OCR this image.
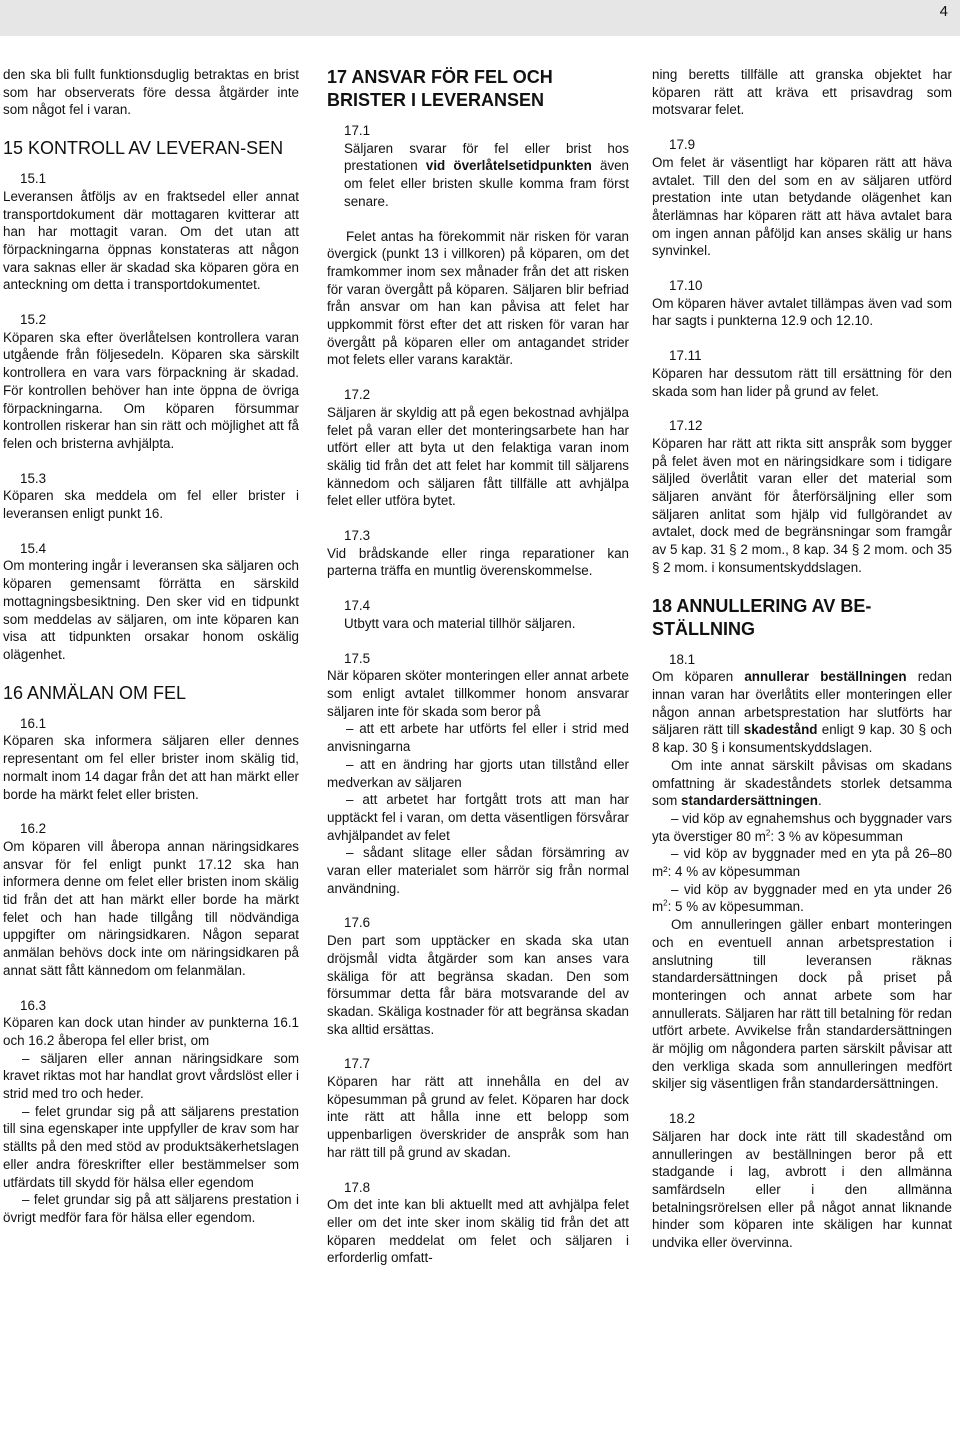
4

den ska bli fullt funktionsduglig betraktas en brist som har observerats före dessa åtgärder inte som något fel i varan.

15 KONTROLL AV LEVERAN-SEN

15.1

Leveransen åtföljs av en fraktsedel eller annat transportdokument där mottagaren kvitterar att han har mottagit varan. Om det utan att förpackningarna öppnas konstateras att någon vara saknas eller är skadad ska köparen göra en anteckning om detta i transportdokumentet.

15.2

Köparen ska efter överlåtelsen kontrollera varan utgående från följesedeln. Köparen ska särskilt kontrollera en vara vars förpackning är skadad. För kontrollen behöver han inte öppna de övriga förpackningarna. Om köparen försummar kontrollen riskerar han sin rätt och möjlighet att få felen och bristerna avhjälpta.

15.3

Köparen ska meddela om fel eller brister i leveransen enligt punkt 16.

15.4

Om montering ingår i leveransen ska säljaren och köparen gemensamt förrätta en särskild mottagningsbesiktning. Den sker vid en tidpunkt som meddelas av säljaren, om inte köparen kan visa att tidpunkten orsakar honom oskälig olägenhet.

16 ANMÄLAN OM FEL

16.1

Köparen ska informera säljaren eller dennes representant om fel eller brister inom skälig tid, normalt inom 14 dagar från det att han märkt eller borde ha märkt felet eller bristen.

16.2

Om köparen vill åberopa annan näringsidkares ansvar för fel enligt punkt 17.12 ska han informera denne om felet eller bristen inom skälig tid från det att han märkt eller borde ha märkt felet och han hade tillgång till nödvändiga uppgifter om näringsidkaren. Någon separat anmälan behövs dock inte om näringsidkaren på annat sätt fått kännedom om felanmälan.

16.3

Köparen kan dock utan hinder av punkterna 16.1 och 16.2 åberopa fel eller brist, om

– säljaren eller annan näringsidkare som kravet riktas mot har handlat grovt vårdslöst eller i strid med tro och heder.

– felet grundar sig på att säljarens prestation till sina egenskaper inte uppfyller de krav som har ställts på den med stöd av produktsäkerhetslagen eller andra föreskrifter eller bestämmelser som utfärdats till skydd för hälsa eller egendom

– felet grundar sig på att säljarens prestation i övrigt medför fara för hälsa eller egendom.

17 ANSVAR FÖR FEL OCH BRISTER I LEVERANSEN

17.1

Säljaren svarar för fel eller brist hos prestationen vid överlåtelsetidpunkten även om felet eller bristen skulle komma fram först senare.

Felet antas ha förekommit när risken för varan övergick (punkt 13 i villkoren) på köparen, om det framkommer inom sex månader från det att risken för varan övergått på köparen. Säljaren blir befriad från ansvar om han kan påvisa att felet har uppkommit först efter det att risken för varan har övergått på köparen eller om antagandet strider mot felets eller varans karaktär.

17.2

Säljaren är skyldig att på egen bekostnad avhjälpa felet på varan eller det monteringsarbete han har utfört eller att byta ut den felaktiga varan inom skälig tid från det att felet har kommit till säljarens kännedom och säljaren fått tillfälle att avhjälpa felet eller utföra bytet.

17.3

Vid brådskande eller ringa reparationer kan parterna träffa en muntlig överenskommelse.

17.4

Utbytt vara och material tillhör säljaren.

17.5

När köparen sköter monteringen eller annat arbete som enligt avtalet tillkommer honom ansvarar säljaren inte för skada som beror på

– att ett arbete har utförts fel eller i strid med anvisningarna

– att en ändring har gjorts utan tillstånd eller medverkan av säljaren

– att arbetet har fortgått trots att man har upptäckt fel i varan, om detta väsentligen försvårar avhjälpandet av felet

– sådant slitage eller sådan försämring av varan eller materialet som härrör sig från normal användning.

17.6

Den part som upptäcker en skada ska utan dröjsmål vidta åtgärder som kan anses vara skäliga för att begränsa skadan. Den som försummar detta får bära motsvarande del av skadan. Skäliga kostnader för att begränsa skadan ska alltid ersättas.

17.7

Köparen har rätt att innehålla en del av köpesumman på grund av felet. Köparen har dock inte rätt att hålla inne ett belopp som uppenbarligen överskrider de anspråk som han har rätt till på grund av skadan.

17.8

Om det inte kan bli aktuellt med att avhjälpa felet eller om det inte sker inom skälig tid från det att köparen meddelat om felet och säljaren i erforderlig omfatt-

ning beretts tillfälle att granska objektet har köparen rätt att kräva ett prisavdrag som motsvarar felet.

17.9

Om felet är väsentligt har köparen rätt att häva avtalet. Till den del som en av säljaren utförd prestation inte utan betydande olägenhet kan återlämnas har köparen rätt att häva avtalet bara om ingen annan påföljd kan anses skälig ur hans synvinkel.

17.10

Om köparen häver avtalet tillämpas även vad som har sagts i punkterna 12.9 och 12.10.

17.11

Köparen har dessutom rätt till ersättning för den skada som han lider på grund av felet.

17.12

Köparen har rätt att rikta sitt anspråk som bygger på felet även mot en näringsidkare som i tidigare säljled överlåtit varan eller det material som säljaren använt för återförsäljning eller som säljaren anlitat som hjälp vid fullgörandet av avtalet, dock med de begränsningar som framgår av 5 kap. 31 § 2 mom., 8 kap. 34 § 2 mom. och 35 § 2 mom. i konsumentskyddslagen.

18 ANNULLERING AV BE-STÄLLNING

18.1

Om köparen annullerar beställningen redan innan varan har överlåtits eller monteringen eller någon annan arbetsprestation har slutförts har säljaren rätt till skadestånd enligt 9 kap. 30 § och 8 kap. 30 § i konsumentskyddslagen.

Om inte annat särskilt påvisas om skadans omfattning är skadeståndets storlek detsamma som standardersättningen.

– vid köp av egnahemshus och byggnader vars yta överstiger 80 $m^2$: 3 % av köpesumman

– vid köp av byggnader med en yta på 26–80 m²: 4 % av köpesumman

– vid köp av byggnader med en yta under 26 $m^2$: 5 % av köpesumman.

Om annulleringen gäller enbart monteringen och en eventuell annan arbetsprestation i anslutning till leveransen räknas standardersättningen dock på priset på monteringen och annat arbete som har annullerats. Säljaren har rätt till betalning för redan utfört arbete. Avvikelse från standardersättningen är möjlig om någondera parten särskilt påvisar att den verkliga skada som annulleringen medfört skiljer sig väsentligen från standardersättningen.

18.2

Säljaren har dock inte rätt till skadestånd om annulleringen av beställningen beror på ett stadgande i lag, avbrott i den allmänna samfärdseln eller i den allmänna betalningsrörelsen eller på något annat liknande hinder som köparen inte skäligen har kunnat undvika eller övervinna.
